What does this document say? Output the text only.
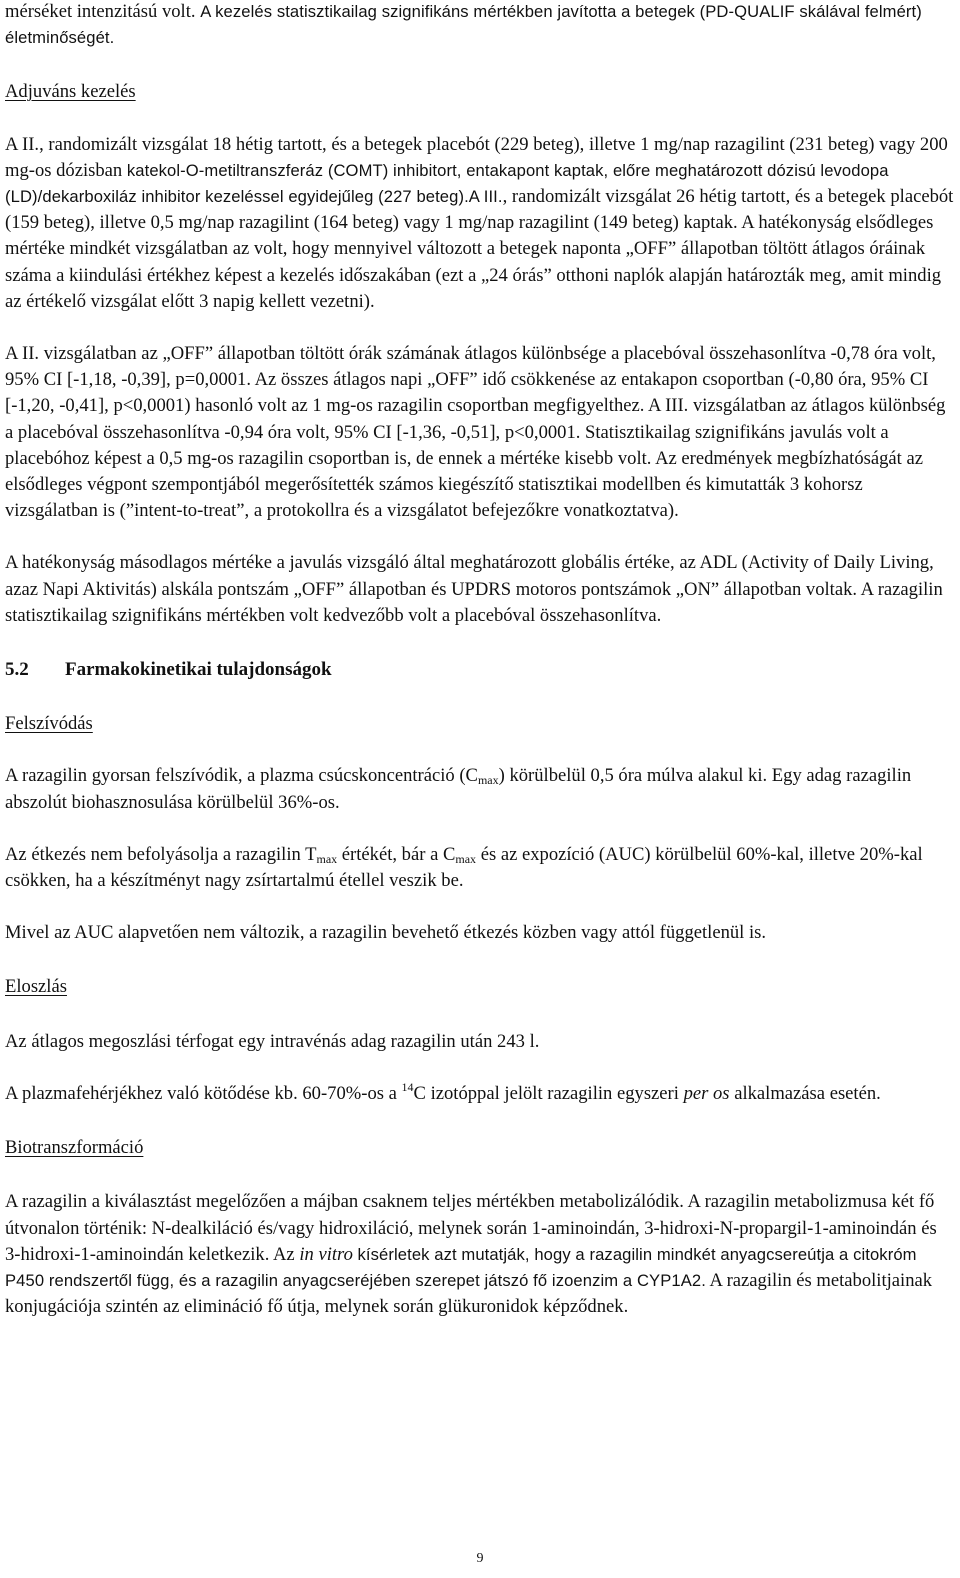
mérséket intenzitású volt. A kezelés statisztikailag szignifikáns mértékben javította a betegek (PD-QUALIF skálával felmért) életminőségét.

Adjuváns kezelés

A II., randomizált vizsgálat 18 hétig tartott, és a betegek placebót (229 beteg), illetve 1 mg/nap razagilint (231 beteg) vagy 200 mg-os dózisban katekol-O-metiltranszferáz (COMT) inhibitort, entakapont kaptak, előre meghatározott dózisú levodopa (LD)/dekarboxiláz inhibitor kezeléssel egyidejűleg (227 beteg).A III., randomizált vizsgálat 26 hétig tartott, és a betegek placebót (159 beteg), illetve 0,5 mg/nap razagilint (164 beteg) vagy 1 mg/nap razagilint (149 beteg) kaptak. A hatékonyság elsődleges mértéke mindkét vizsgálatban az volt, hogy mennyivel változott a betegek naponta „OFF” állapotban töltött átlagos óráinak száma a kiindulási értékhez képest a kezelés időszakában (ezt a „24 órás” otthoni naplók alapján határozták meg, amit mindig az értékelő vizsgálat előtt 3 napig kellett vezetni).

A II. vizsgálatban az „OFF” állapotban töltött órák számának átlagos különbsége a placebóval összehasonlítva -0,78 óra volt, 95% CI [-1,18, -0,39], p=0,0001. Az összes átlagos napi „OFF” idő csökkenése az entakapon csoportban (-0,80 óra, 95% CI [-1,20, -0,41], p<0,0001) hasonló volt az 1 mg-os razagilin csoportban megfigyelthez. A III. vizsgálatban az átlagos különbség a placebóval összehasonlítva -0,94 óra volt, 95% CI [-1,36, -0,51], p<0,0001. Statisztikailag szignifikáns javulás volt a placebóhoz képest a 0,5 mg-os razagilin csoportban is, de ennek a mértéke kisebb volt. Az eredmények megbízhatóságát az elsődleges végpont szempontjából megerősítették számos kiegészítő statisztikai modellben és kimutatták 3 kohorsz vizsgálatban is (”intent-to-treat”, a protokollra és a vizsgálatot befejezőkre vonatkoztatva).

A hatékonyság másodlagos mértéke a javulás vizsgáló által meghatározott globális értéke, az ADL (Activity of Daily Living, azaz Napi Aktivitás) alskála pontszám „OFF” állapotban és UPDRS motoros pontszámok „ON” állapotban voltak. A razagilin statisztikailag szignifikáns mértékben volt kedvezőbb volt a placebóval összehasonlítva.

5.2 Farmakokinetikai tulajdonságok

Felszívódás

A razagilin gyorsan felszívódik, a plazma csúcskoncentráció $(C_{max})$ körülbelül 0,5 óra múlva alakul ki. Egy adag razagilin abszolút biohasznosulása körülbelül 36%-os.

Az étkezés nem befolyásolja a razagilin $T_{max}$ értékét, bár a $C_{max}$ és az expozíció (AUC) körülbelül 60%-kal, illetve 20%-kal csökken, ha a készítményt nagy zsírtartalmú étellel veszik be.

Mivel az AUC alapvetően nem változik, a razagilin bevehető étkezés közben vagy attól függetlenül is.

Eloszlás

Az átlagos megoszlási térfogat egy intravénás adag razagilin után 243 l.

A plazmafehérjékhez való kötődése kb. 60-70%-os a $^{14}$C izotóppal jelölt razagilin egyszeri per os alkalmazása esetén.

Biotranszformáció

A razagilin a kiválasztást megelőzően a májban csaknem teljes mértékben metabolizálódik. A razagilin metabolizmusa két fő útvonalon történik: N-dealkiláció és/vagy hidroxiláció, melynek során 1-aminoindán, 3-hidroxi-N-propargil-1-aminoindán és 3-hidroxi-1-aminoindán keletkezik. Az in vitro kísérletek azt mutatják, hogy a razagilin mindkét anyagcsereútja a citokróm P450 rendszertől függ, és a razagilin anyagcseréjében szerepet játszó fő izoenzim a CYP1A2. A razagilin és metabolitjainak konjugációja szintén az elimináció fő útja, melynek során glükuronidok képződnek.

9
